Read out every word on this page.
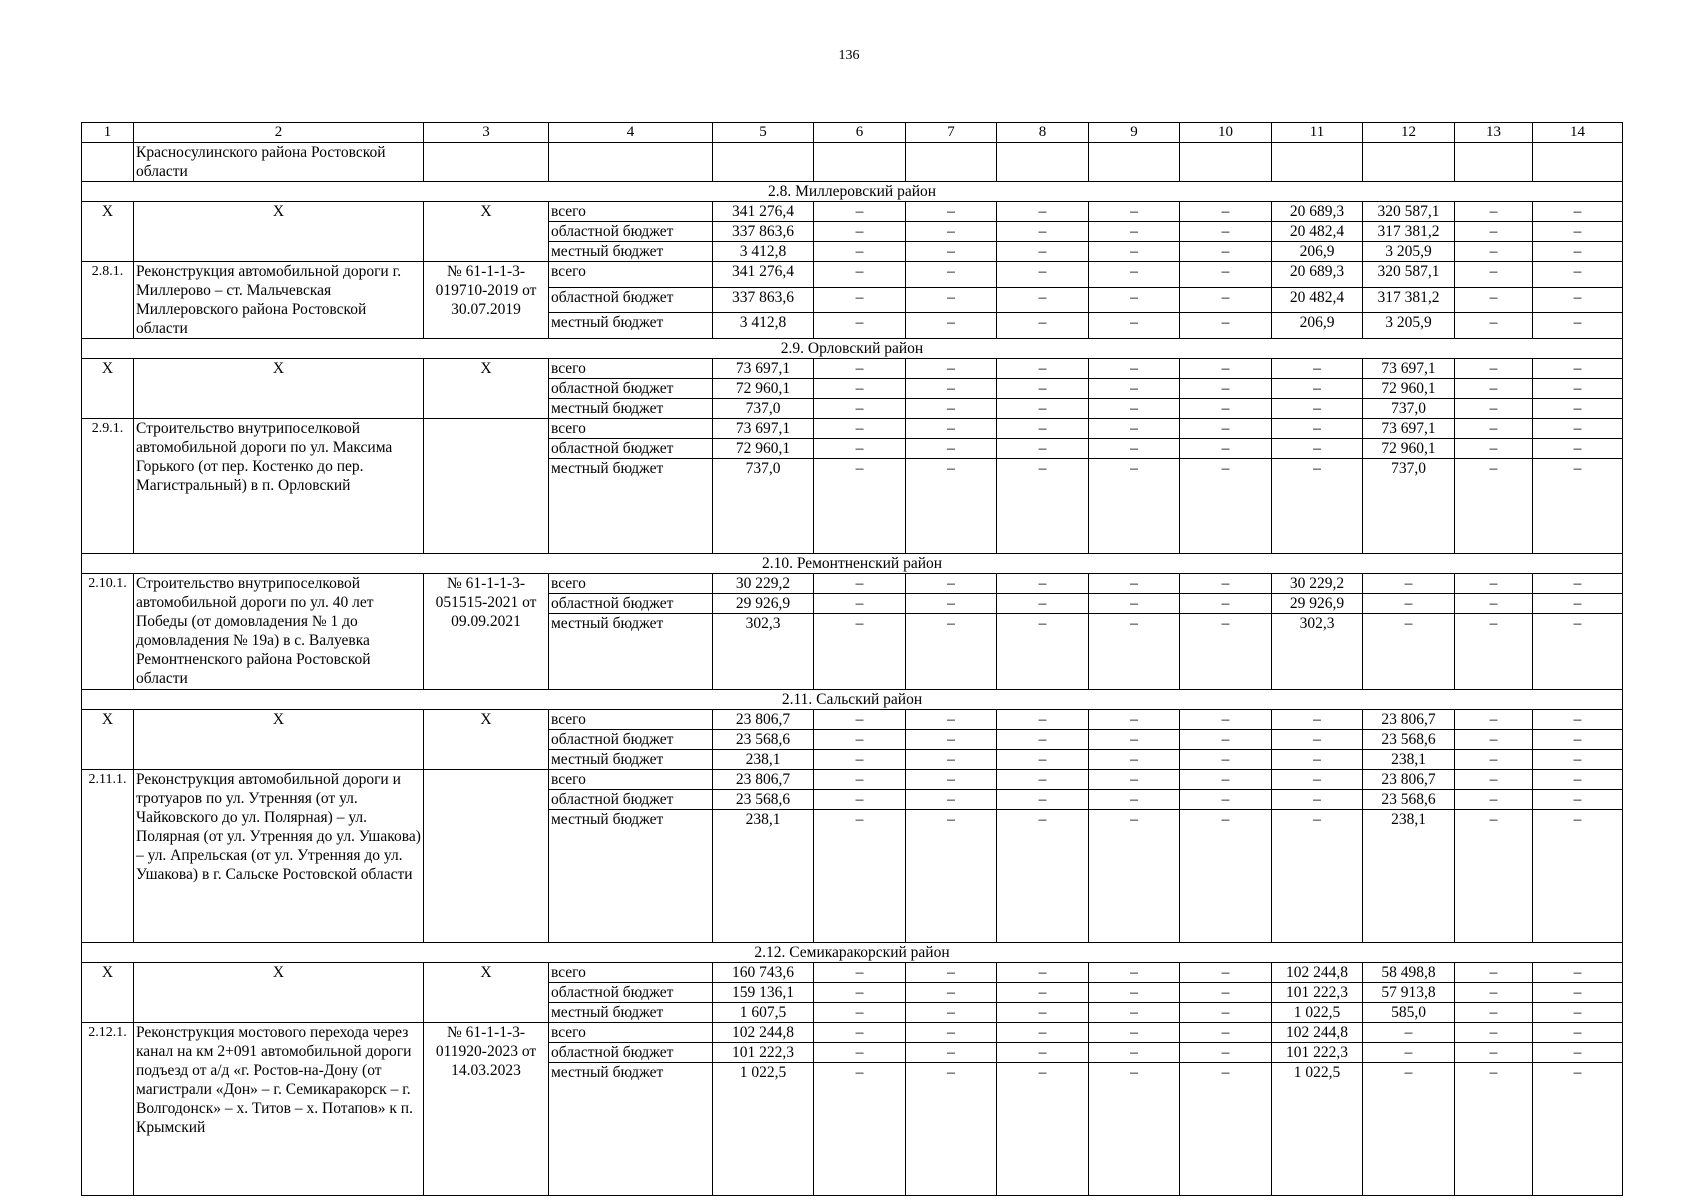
136
1	2	3	4	5	6	7	8	9	10	11	12	13	14
	Красносулинского района Ростовской области												
2.8. Миллеровский район													
Х	Х	Х	всего	341 276,4	–	–	–	–	–	20 689,3	320 587,1	–	–
			областной бюджет	337 863,6	–	–	–	–	–	20 482,4	317 381,2	–	–
			местный бюджет	3 412,8	–	–	–	–	–	206,9	3 205,9	–	–
2.8.1.	Реконструкция автомобильной дороги г. Миллерово – ст. Мальчевская Миллеровского района Ростовской области	№ 61-1-1-3-019710-2019 от 30.07.2019	всего	341 276,4	–	–	–	–	–	20 689,3	320 587,1	–	–
			областной бюджет	337 863,6	–	–	–	–	–	20 482,4	317 381,2	–	–
			местный бюджет	3 412,8	–	–	–	–	–	206,9	3 205,9	–	–
2.9. Орловский район													
Х	Х	Х	всего	73 697,1	–	–	–	–	–	–	73 697,1	–	–
			областной бюджет	72 960,1	–	–	–	–	–	–	72 960,1	–	–
			местный бюджет	737,0	–	–	–	–	–	–	737,0	–	–
2.9.1.	Строительство внутрипоселковой автомобильной дороги по ул. Максима Горького (от пер. Костенко до пер. Магистральный) в п. Орловский		всего	73 697,1	–	–	–	–	–	–	73 697,1	–	–
			областной бюджет	72 960,1	–	–	–	–	–	–	72 960,1	–	–
			местный бюджет	737,0	–	–	–	–	–	–	737,0	–	–
2.10. Ремонтненский район													
2.10.1.	Строительство внутрипоселковой автомобильной дороги по ул. 40 лет Победы (от домовладения № 1 до домовладения № 19а) в с. Валуевка Ремонтненского района Ростовской области	№ 61-1-1-3-051515-2021 от 09.09.2021	всего	30 229,2	–	–	–	–	–	30 229,2	–	–	–
			областной бюджет	29 926,9	–	–	–	–	–	29 926,9	–	–	–
			местный бюджет	302,3	–	–	–	–	–	302,3	–	–	–
2.11. Сальский район													
Х	Х	Х	всего	23 806,7	–	–	–	–	–	–	23 806,7	–	–
			областной бюджет	23 568,6	–	–	–	–	–	–	23 568,6	–	–
			местный бюджет	238,1	–	–	–	–	–	–	238,1	–	–
2.11.1.	Реконструкция автомобильной дороги и тротуаров по ул. Утренняя (от ул. Чайковского до ул. Полярная) – ул. Полярная (от ул. Утренняя до ул. Ушакова) – ул. Апрельская (от ул. Утренняя до ул. Ушакова) в г. Сальске Ростовской области		всего	23 806,7	–	–	–	–	–	–	23 806,7	–	–
			областной бюджет	23 568,6	–	–	–	–	–	–	23 568,6	–	–
			местный бюджет	238,1	–	–	–	–	–	–	238,1	–	–
2.12. Семикаракорский район													
Х	Х	Х	всего	160 743,6	–	–	–	–	–	102 244,8	58 498,8	–	–
			областной бюджет	159 136,1	–	–	–	–	–	101 222,3	57 913,8	–	–
			местный бюджет	1 607,5	–	–	–	–	–	1 022,5	585,0	–	–
2.12.1.	Реконструкция мостового перехода через канал на км 2+091 автомобильной дороги подъезд от а/д «г. Ростов-на-Дону (от магистрали «Дон» – г. Семикаракорск – г. Волгодонск» – х. Титов – х. Потапов» к п. Крымский	№ 61-1-1-3-011920-2023 от 14.03.2023	всего	102 244,8	–	–	–	–	–	102 244,8	–	–	–
			областной бюджет	101 222,3	–	–	–	–	–	101 222,3	–	–	–
			местный бюджет	1 022,5	–	–	–	–	–	1 022,5	–	–	–
